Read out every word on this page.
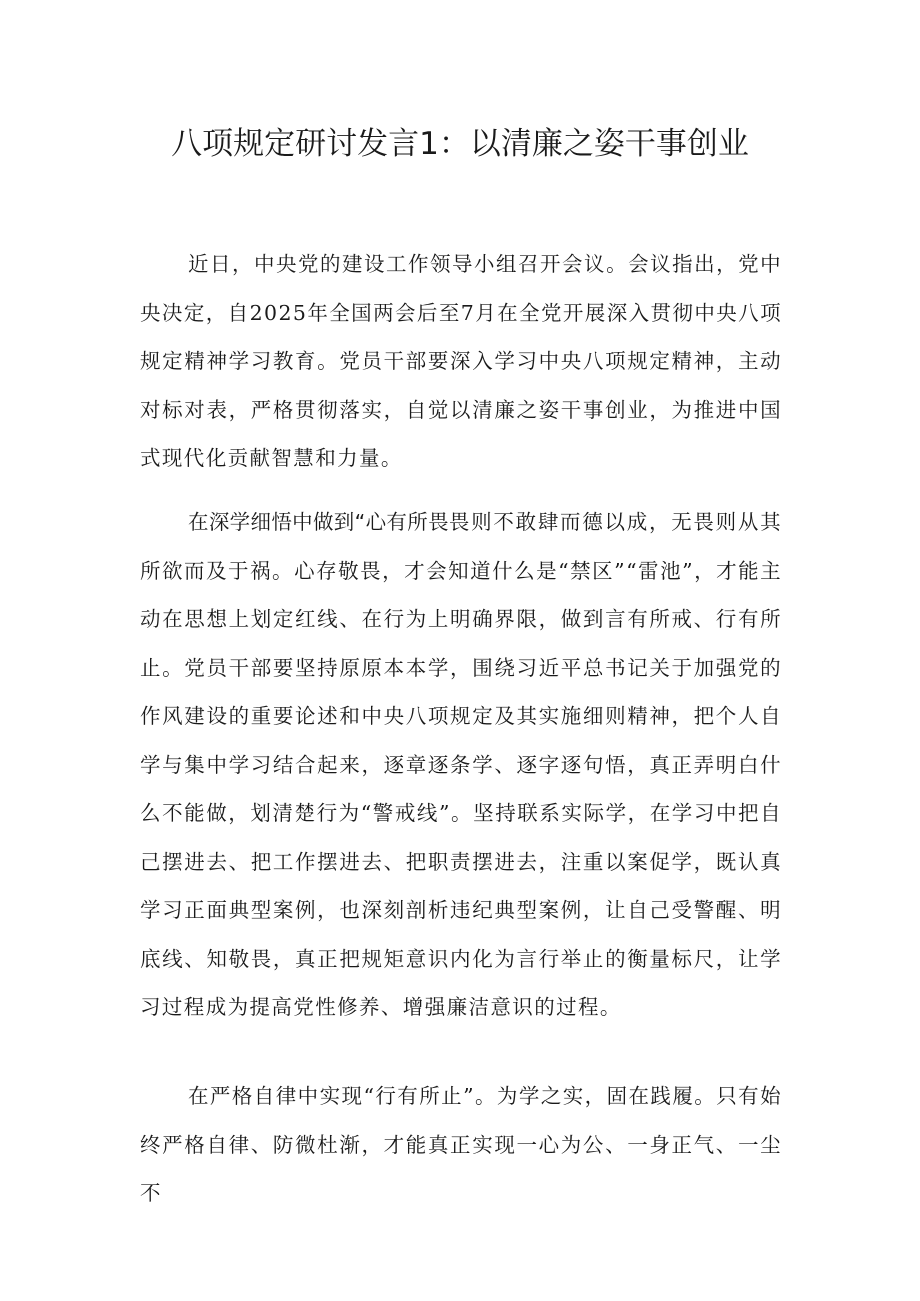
八项规定研讨发言1：以清廉之姿干事创业

近日，中央党的建设工作领导小组召开会议。会议指出，党中央决定，自2025年全国两会后至7月在全党开展深入贯彻中央八项规定精神学习教育。党员干部要深入学习中央八项规定精神，主动对标对表，严格贯彻落实，自觉以清廉之姿干事创业，为推进中国式现代化贡献智慧和力量。

在深学细悟中做到“心有所畏畏则不敢肆而德以成，无畏则从其所欲而及于祸。心存敬畏，才会知道什么是“禁区”“雷池”，才能主动在思想上划定红线、在行为上明确界限，做到言有所戒、行有所止。党员干部要坚持原原本本学，围绕习近平总书记关于加强党的作风建设的重要论述和中央八项规定及其实施细则精神，把个人自学与集中学习结合起来，逐章逐条学、逐字逐句悟，真正弄明白什么不能做，划清楚行为“警戒线”。坚持联系实际学，在学习中把自己摆进去、把工作摆进去、把职责摆进去，注重以案促学，既认真学习正面典型案例，也深刻剖析违纪典型案例，让自己受警醒、明底线、知敬畏，真正把规矩意识内化为言行举止的衡量标尺，让学习过程成为提高党性修养、增强廉洁意识的过程。

在严格自律中实现“行有所止”。为学之实，固在践履。只有始终严格自律、防微杜渐，才能真正实现一心为公、一身正气、一尘不
